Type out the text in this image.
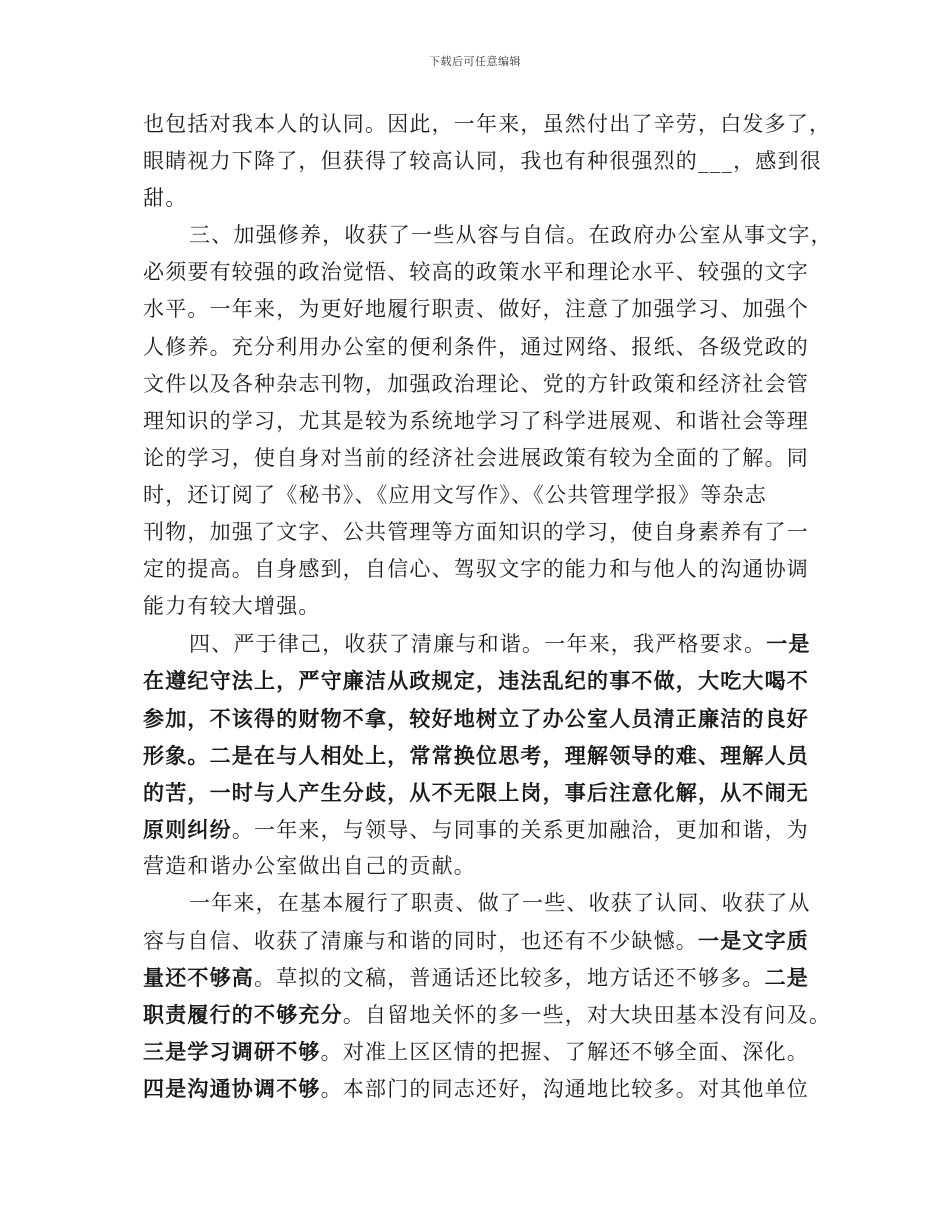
下载后可任意编辑
也包括对我本人的认同。因此，一年来，虽然付出了辛劳，白发多了，
眼睛视力下降了，但获得了较高认同，我也有种很强烈的___，感到很
甜。
三、加强修养，收获了一些从容与自信。在政府办公室从事文字，
必须要有较强的政治觉悟、较高的政策水平和理论水平、较强的文字
水平。一年来，为更好地履行职责、做好，注意了加强学习、加强个
人修养。充分利用办公室的便利条件，通过网络、报纸、各级党政的
文件以及各种杂志刊物，加强政治理论、党的方针政策和经济社会管
理知识的学习，尤其是较为系统地学习了科学进展观、和谐社会等理
论的学习，使自身对当前的经济社会进展政策有较为全面的了解。同
时，还订阅了《秘书》、《应用文写作》、《公共管理学报》等杂志
刊物，加强了文字、公共管理等方面知识的学习，使自身素养有了一
定的提高。自身感到，自信心、驾驭文字的能力和与他人的沟通协调
能力有较大增强。
四、严于律己，收获了清廉与和谐。一年来，我严格要求。一是
在遵纪守法上，严守廉洁从政规定，违法乱纪的事不做，大吃大喝不
参加，不该得的财物不拿，较好地树立了办公室人员清正廉洁的良好
形象。二是在与人相处上，常常换位思考，理解领导的难、理解人员
的苦，一时与人产生分歧，从不无限上岗，事后注意化解，从不闹无
原则纠纷。一年来，与领导、与同事的关系更加融洽，更加和谐，为
营造和谐办公室做出自己的贡献。
一年来，在基本履行了职责、做了一些、收获了认同、收获了从
容与自信、收获了清廉与和谐的同时，也还有不少缺憾。一是文字质
量还不够高。草拟的文稿，普通话还比较多，地方话还不够多。二是
职责履行的不够充分。自留地关怀的多一些，对大块田基本没有问及。
三是学习调研不够。对准上区区情的把握、了解还不够全面、深化。
四是沟通协调不够。本部门的同志还好，沟通地比较多。对其他单位
